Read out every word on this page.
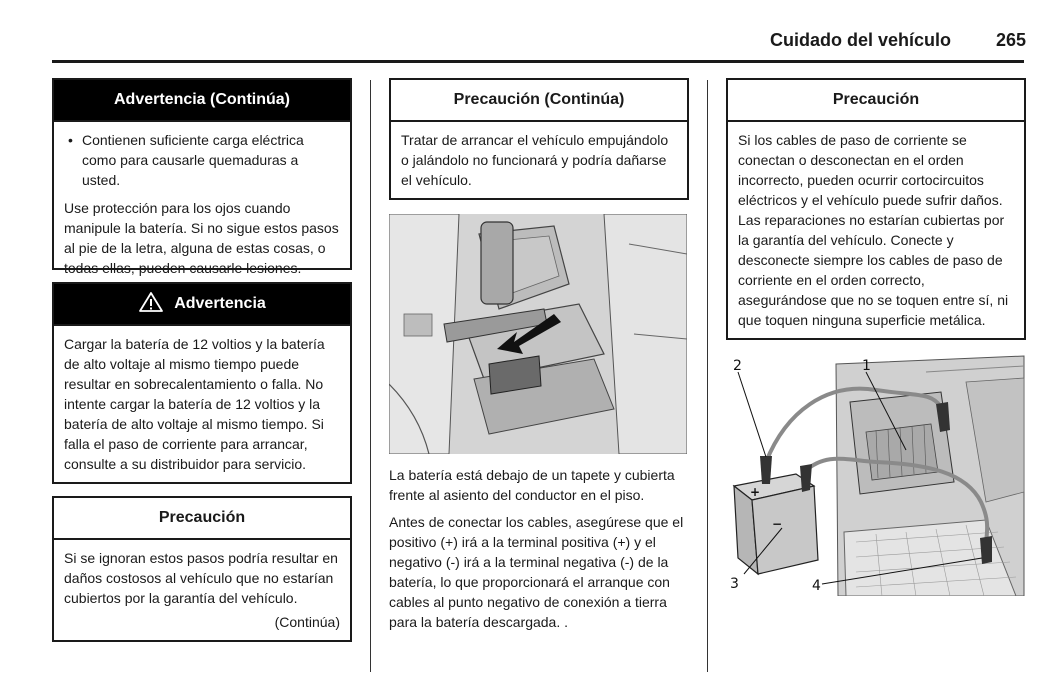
Cuidado del vehículo 265
Advertencia (Continúa)
• Contienen suficiente carga eléctrica como para causarle quemaduras a usted.

Use protección para los ojos cuando manipule la batería. Si no sigue estos pasos al pie de la letra, alguna de estas cosas, o todas ellas, pueden causarle lesiones.

Advertencia

Cargar la batería de 12 voltios y la batería de alto voltaje al mismo tiempo puede resultar en sobrecalentamiento o falla. No intente cargar la batería de 12 voltios y la batería de alto voltaje al mismo tiempo. Si falla el paso de corriente para arrancar, consulte a su distribuidor para servicio.

Precaución

Si se ignoran estos pasos podría resultar en daños costosos al vehículo que no estarían cubiertos por la garantía del vehículo.

(Continúa)

Precaución (Continúa)

Tratar de arrancar el vehículo empujándolo o jalándolo no funcionará y podría dañarse el vehículo.

La batería está debajo de un tapete y cubierta frente al asiento del conductor en el piso.

Antes de conectar los cables, asegúrese que el positivo (+) irá a la terminal positiva (+) y el negativo (-) irá a la terminal negativa (-) de la batería, lo que proporcionará el arranque con cables al punto negativo de conexión a tierra para la batería descargada. .

Precaución

Si los cables de paso de corriente se conectan o desconectan en el orden incorrecto, pueden ocurrir cortocircuitos eléctricos y el vehículo puede sufrir daños. Las reparaciones no estarían cubiertas por la garantía del vehículo. Conecte y desconecte siempre los cables de paso de corriente en el orden correcto, asegurándose que no se toquen entre sí, ni que toquen ninguna superficie metálica.

+
−
1
2
3	4
